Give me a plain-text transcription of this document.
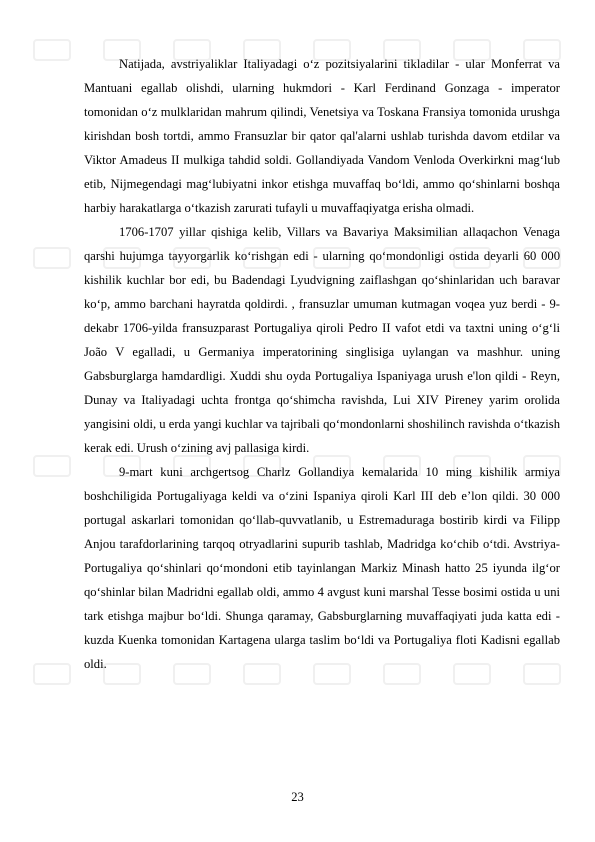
Natijada, avstriyaliklar Italiyadagi o‘z pozitsiyalarini tikladilar - ular Monferrat va Mantuani egallab olishdi, ularning hukmdori - Karl Ferdinand Gonzaga - imperator tomonidan o‘z mulklaridan mahrum qilindi, Venetsiya va Toskana Fransiya tomonida urushga kirishdan bosh tortdi, ammo Fransuzlar bir qator qal'alarni ushlab turishda davom etdilar va Viktor Amadeus II mulkiga tahdid soldi. Gollandiyada Vandom Venloda Overkirkni mag‘lub etib, Nijmegendagi mag‘lubiyatni inkor etishga muvaffaq bo‘ldi, ammo qo‘shinlarni boshqa harbiy harakatlarga o‘tkazish zarurati tufayli u muvaffaqiyatga erisha olmadi.

1706-1707 yillar qishiga kelib, Villars va Bavariya Maksimilian allaqachon Venaga qarshi hujumga tayyorgarlik ko‘rishgan edi - ularning qo‘mondonligi ostida deyarli 60 000 kishilik kuchlar bor edi, bu Badendagi Lyudvigning zaiflashgan qo‘shinlaridan uch baravar ko‘p, ammo barchani hayratda qoldirdi. , fransuzlar umuman kutmagan voqea yuz berdi - 9-dekabr 1706-yilda fransuzparast Portugaliya qiroli Pedro II vafot etdi va taxtni uning o‘g‘li João V egalladi, u Germaniya imperatorining singlisiga uylangan va mashhur. uning Gabsburglarga hamdardligi. Xuddi shu oyda Portugaliya Ispaniyaga urush e'lon qildi - Reyn, Dunay va Italiyadagi uchta frontga qo‘shimcha ravishda, Lui XIV Pireney yarim orolida yangisini oldi, u erda yangi kuchlar va tajribali qo‘mondonlarni shoshilinch ravishda o‘tkazish kerak edi. Urush o‘zining avj pallasiga kirdi.

9-mart kuni archgertsog Charlz Gollandiya kemalarida 10 ming kishilik armiya boshchiligida Portugaliyaga keldi va o‘zini Ispaniya qiroli Karl III deb e’lon qildi. 30 000 portugal askarlari tomonidan qo‘llab-quvvatlanib, u Estremaduraga bostirib kirdi va Filipp Anjou tarafdorlarining tarqoq otryadlarini supurib tashlab, Madridga ko‘chib o‘tdi. Avstriya-Portugaliya qo‘shinlari qo‘mondoni etib tayinlangan Markiz Minash hatto 25 iyunda ilg‘or qo‘shinlar bilan Madridni egallab oldi, ammo 4 avgust kuni marshal Tesse bosimi ostida u uni tark etishga majbur bo‘ldi. Shunga qaramay, Gabsburglarning muvaffaqiyati juda katta edi - kuzda Kuenka tomonidan Kartagena ularga taslim bo‘ldi va Portugaliya floti Kadisni egallab oldi.

23
